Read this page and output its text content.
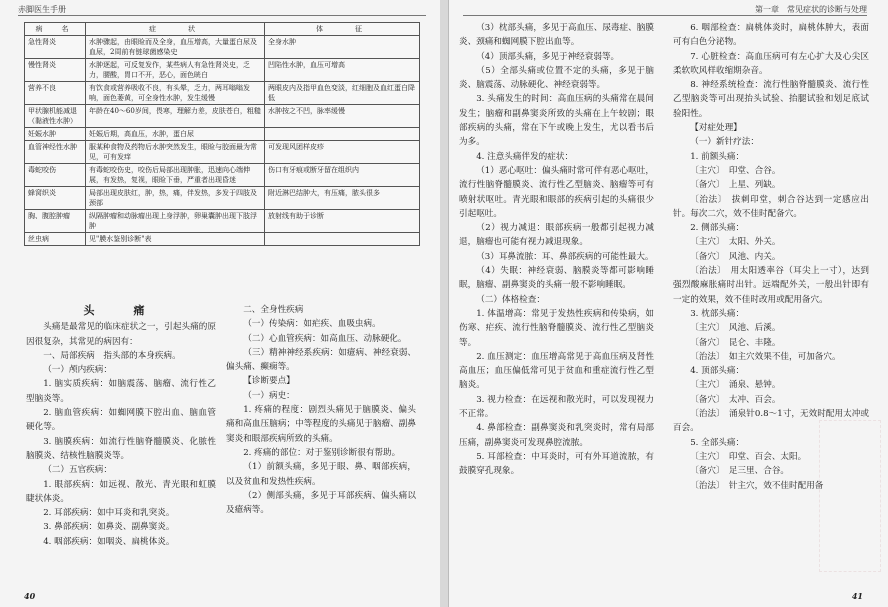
赤脚医生手册
病　名	症　　状	体　　征
急性肾炎	水肿骤起，由眼睑而及全身，血压增高，大量蛋白尿及血尿，2周前有链球菌感染史	全身水肿
慢性肾炎	水肿逐起，可反复发作，某些病人有急性肾炎史，乏力，腰酸，胃口不开，恶心，面色晄白	凹陷性水肿，血压可增高
营养不良	有饮食或营养吸收不良，有头晕，乏力，两耳嗡嗡发响，面色萎黄，可全身性水肿，发生缓慢	两眼皮内及指甲血色变淡，红细胞及血红蛋白降低
甲状腺机能减退（黏液性水肿）	年龄在40～60岁间，畏寒，理解力差，皮肤苍白，粗糙	水肿按之不凹，脉率缓慢
妊娠水肿	妊娠后期，高血压，水肿，蛋白尿	
血管神经性水肿	服某种食物及药物后水肿突然发生，眼睑与胶面最为常见，可有发痒	可发现风团样皮疹
毒蛇咬伤	有毒蛇咬伤史，咬伤后局部出现肿胀，迅速向心端伸展，有发热，复视，眼睑下垂，严重者出现昏迷	伤口有牙痕或断牙留在组织内
蜂窝织炎	局部出现皮肤红，肿，热，痛，伴发热，多发于四肢及颈部	附近淋巴结肿大，有压痛，脓头很多
胸、腹腔肿瘤	纵隔肿瘤和动脉瘤出现上身浮肿，卵巢囊肿出现下肢浮肿	放射线有助于诊断
丝虫病	见"膜水鉴别诊断"表	

头　痛

头痛是最常见的临床症状之一，引起头痛的原因很复杂，其常见的病因有：

一、局部疾病　指头部的本身疾病。

（一）颅内疾病：

1. 脑实质疾病：如脑震荡、脑瘤、流行性乙型脑炎等。

2. 脑血管疾病：如蜘网膜下腔出血、脑血管硬化等。

3. 脑膜疾病：如流行性脑脊髓膜炎、化脓性脑膜炎、结核性脑膜炎等。

（二）五官疾病：

1. 眼部疾病：如远视、散光、青光眼和虹膜睫状体炎。

2. 耳部疾病：如中耳炎和乳突炎。

3. 鼻部疾病：如鼻炎、副鼻窦炎。

4. 咽部疾病：如咽炎、扁桃体炎。

二、全身性疾病

（一）传染病：如疟疾、血吸虫病。

（二）心血管疾病：如高血压、动脉硬化。

（三）精神神经系疾病：如癔病、神经衰弱、偏头痛、癫痫等。

【诊断要点】

（一）病史：

1. 疼痛的程度：剧烈头痛见于脑膜炎、偏头痛和高血压脑病；中等程度的头痛见于脑瘤、副鼻窦炎和眼部疾病所致的头痛。

2. 疼痛的部位：对于鉴别诊断很有帮助。

（1）前额头痛，多见于眼、鼻、咽部疾病，以及贫血和发热性疾病。

（2）侧部头痛，多见于耳部疾病、偏头痛以及癔病等。

40
第一章　常见症状的诊断与处理

（3）枕部头痛，多见于高血压、尿毒症、脑膜炎、颈痛和蜘网膜下腔出血等。

（4）顶部头痛，多见于神经衰弱等。

（5）全部头痛或位置不定的头痛，多见于脑炎、脑震荡、动脉硬化、神经衰弱等。

3. 头痛发生的时间：高血压病的头痛常在晨间发生；脑瘤和副鼻窦炎所致的头痛在上午较剧；眼部疾病的头痛，常在下午或晚上发生，尤以看书后为多。

4. 注意头痛伴发的症状：

（1）恶心呕吐：偏头痛时常可伴有恶心呕吐，流行性脑脊髓膜炎、流行性乙型脑炎、脑瘤等可有喷射状呕吐。青光眼和眼部的疾病引起的头痛很少引起呕吐。

（2）视力减退：眼部疾病一般都引起视力减退，脑瘤也可能有视力减退现象。

（3）耳鼻流脓：耳、鼻部疾病的可能性最大。

（4）失眠：神经衰弱、脑膜炎等都可影响睡眠，脑瘤、副鼻窦炎的头痛一般不影响睡眠。

（二）体格检查：

1. 体温增高：常见于发热性疾病和传染病，如伤寒、疟疾、流行性脑脊髓膜炎、流行性乙型脑炎等。

2. 血压测定：血压增高常见于高血压病及肾性高血压；血压偏低常可见于贫血和重症流行性乙型脑炎。

3. 视力检查：在远视和散光时，可以发现视力不正常。

4. 鼻部检查：副鼻窦炎和乳突炎时，常有局部压痛，副鼻窦炎可发现鼻腔流脓。

5. 耳部检查：中耳炎时，可有外耳道流脓，有鼓膜穿孔现象。

6. 咽部检查：扁桃体炎时，扁桃体肿大，表面可有白色分泌物。

7. 心脏检查：高血压病可有左心扩大及心尖区柔软吹风样收缩期杂音。

8. 神经系统检查：流行性脑脊髓膜炎、流行性乙型脑炎等可出现抬头试验、抬腿试验和划足底试验阳性。

【对症处理】

（一）新针疗法：

1. 前额头痛：

〔主穴〕　印堂、合谷。

〔备穴〕　上星、列缺。

〔治法〕　拔刺印堂，刺合谷达到一定感应出针。每次二穴，效不佳时配备穴。

2. 侧部头痛：

〔主穴〕　太阳、外关。

〔备穴〕　风池、内关。

〔治法〕　用太阳透率谷（耳尖上一寸），达到强烈酸麻胀痛时出针。远端配外关，一般出针即有一定的效果，效不佳时改用或配用备穴。

3. 枕部头痛：

〔主穴〕　风池、后溪。

〔备穴〕　昆仑、丰隆。

〔治法〕　如主穴效果不佳，可加备穴。

4. 顶部头痛：

〔主穴〕　涌泉、悬钟。

〔备穴〕　太冲、百会。

〔治法〕　涌泉针0.8～1寸，无效时配用太冲或百会。

5. 全部头痛：

〔主穴〕　印堂、百会、太阳。

〔备穴〕　足三里、合谷。

〔治法〕　针主穴，效不佳时配用备

41
